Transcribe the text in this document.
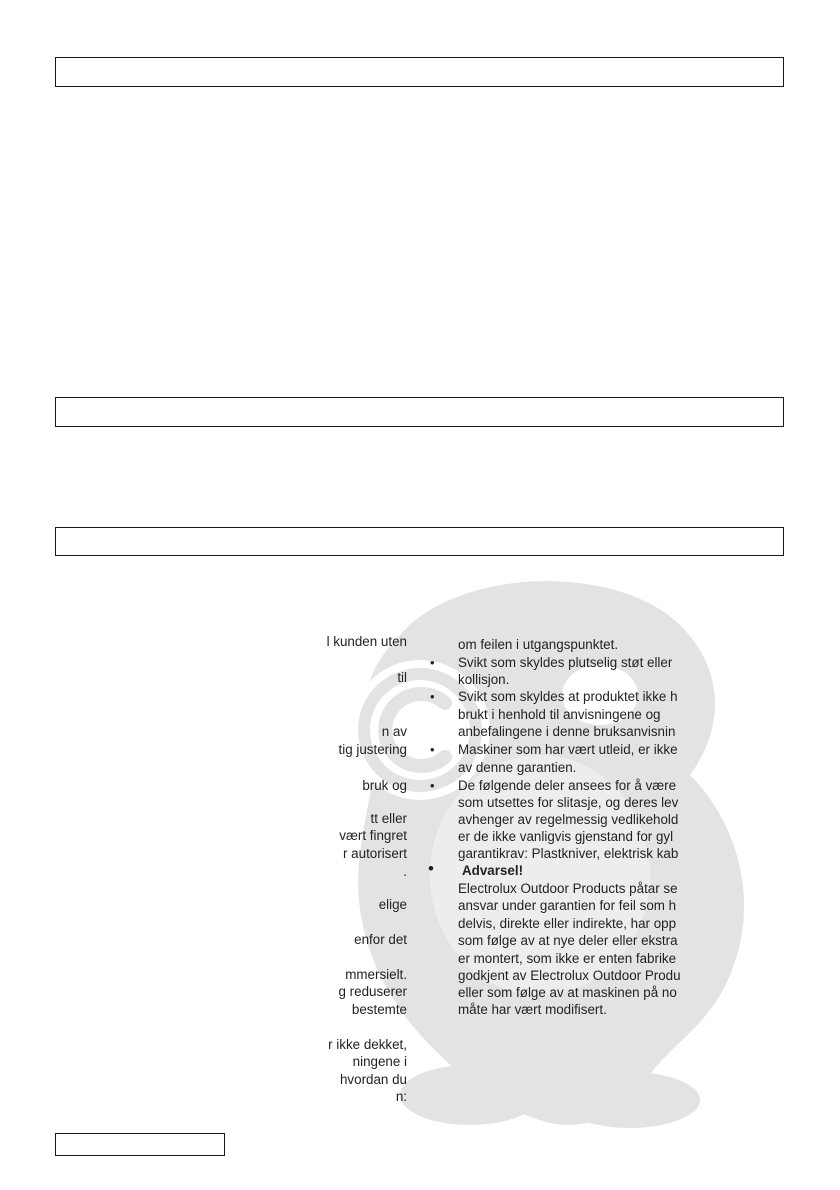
l kunden uten
til
n av
tig justering
bruk og
tt eller
vært fingret
r autorisert
.
elige
enfor det
mmersielt.
g reduserer
bestemte
r ikke dekket,
ningene i
hvordan du
n:
•
•
•
•
•
om feilen i utgangspunktet.
Svikt som skyldes plutselig støt eller
kollisjon.
Svikt som skyldes at produktet ikke h
brukt i henhold til anvisningene og
anbefalingene i denne bruksanvisnin
Maskiner som har vært utleid, er ikke
av denne garantien.
De følgende deler ansees for å være
som utsettes for slitasje, og deres lev
avhenger av regelmessig vedlikehold
er de ikke vanligvis gjenstand for gyl
garantikrav: Plastkniver, elektrisk kab
Advarsel!
Electrolux Outdoor Products påtar se
ansvar under garantien for feil som h
delvis, direkte eller indirekte, har opp
som følge av at nye deler eller ekstra
er montert, som ikke er enten fabrike
godkjent av Electrolux Outdoor Produ
eller som følge av at maskinen på no
måte har vært modifisert.
